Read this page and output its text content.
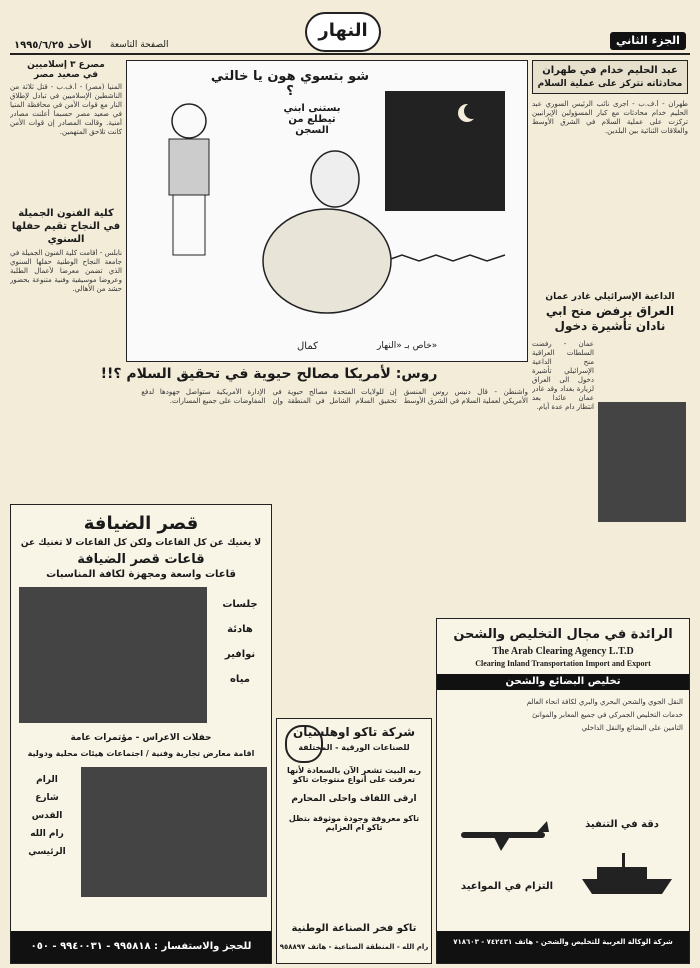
الأحد ١٩٩٥/٦/٢٥ الصفحة التاسعة
النهار	الجزء الثاني
مصرع ٣ إسلاميين
في صعيد مصر
المنيا (مصر) - أ.ف.ب - قتل ثلاثة من الناشطين الإسلاميين في تبادل لإطلاق النار مع قوات الأمن في محافظة المنيا في صعيد مصر حسبما أعلنت مصادر أمنية. وقالت المصادر إن قوات الأمن كانت تلاحق المتهمين.
كلية الفنون الجميلة في النجاح تقيم حفلها السنوي
نابلس - أقامت كلية الفنون الجميلة في جامعة النجاح الوطنية حفلها السنوي الذي تضمن معرضا لأعمال الطلبة وعروضا موسيقية وفنية متنوعة بحضور حشد من الأهالي.
شو بتسوي هون يا خالتي ؟
بستنى ابني تيطلع من السجن
خاص بـ «النهار»
كمال
عبد الحليم خدام في طهران
محادثاته تتركز على عملية السلام
طهران - أ.ف.ب - أجرى نائب الرئيس السوري عبد الحليم خدام محادثات مع كبار المسؤولين الإيرانيين تركزت على عملية السلام في الشرق الأوسط والعلاقات الثنائية بين البلدين.
الداعية الإسرائيلي غادر عمان
العراق يرفض منح ابي نادان تأشيرة دخول
عمان - رفضت السلطات العراقية منح الداعية الإسرائيلي تأشيرة دخول الى العراق لزيارة بغداد وقد غادر عمان عائدا بعد انتظار دام عدة أيام.
روس: لأمريكا مصالح حيوية في تحقيق السلام ؟!!
واشنطن - قال دنيس روس المنسق الأمريكي لعملية السلام في الشرق الأوسط إن للولايات المتحدة مصالح حيوية في تحقيق السلام الشامل في المنطقة وإن الإدارة الأمريكية ستواصل جهودها لدفع المفاوضات على جميع المسارات.
قصر الضيافة
لا يغنيك عن كل القاعات ولكن كل القاعات لا تغنيك عن
قاعات قصر الضيافة
قاعات واسعة ومجهزة لكافة المناسبات
جلسات
هادئة
نوافير
مياه
حفلات الاعراس - مؤتمرات عامة
اقامة معارض تجارية وفنية / اجتماعات هيئات محلية ودولية
الرام
شارع
القدس
رام الله
الرئيسي
للحجز والاستفسار : ٩٩٥٨١٨ - ٩٩٤٠٠٣١ - ٠٥٠
شركة تاكو اوهلسيان
للصناعات الورقية - المختلفة
ربه البيت تشعر الآن بالسعادة لأنها تعرفت على أنواع منتوجات تاكو
ارقى اللفاف واحلى المحارم
تاكو معروفة وجودة موثوقة بتظل تاكو ام العزايم
تاكو فخر الصناعة الوطنية
رام الله - المنطقة الصناعية - هاتف ٩٥٨٨٩٧
الرائدة في مجال التخليص والشحن
The Arab Clearing Agency L.T.D
Clearing Inland Transportation Import and Export
تخليص البضائع والشحن
النقل الجوي والشحن البحري والبري لكافة انحاء العالم
خدمات التخليص الجمركي في جميع المعابر والموانئ
التأمين على البضائع والنقل الداخلي
دقة في التنفيذ
التزام في المواعيد
شركة الوكالة العربية للتخليص والشحن - هاتف ٧٤٢٤٣١ - ٧١٨٦٠٣
